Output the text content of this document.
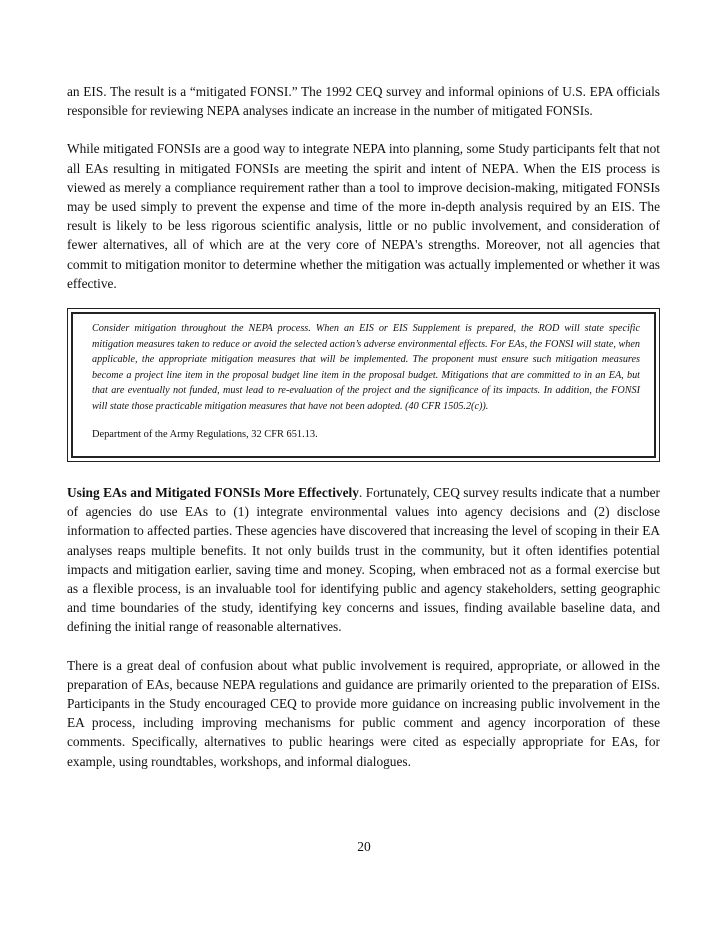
an EIS. The result is a “mitigated FONSI.” The 1992 CEQ survey and informal opinions of U.S. EPA officials responsible for reviewing NEPA analyses indicate an increase in the number of mitigated FONSIs.

While mitigated FONSIs are a good way to integrate NEPA into planning, some Study participants felt that not all EAs resulting in mitigated FONSIs are meeting the spirit and intent of NEPA. When the EIS process is viewed as merely a compliance requirement rather than a tool to improve decision-making, mitigated FONSIs may be used simply to prevent the expense and time of the more in-depth analysis required by an EIS. The result is likely to be less rigorous scientific analysis, little or no public involvement, and consideration of fewer alternatives, all of which are at the very core of NEPA's strengths. Moreover, not all agencies that commit to mitigation monitor to determine whether the mitigation was actually implemented or whether it was effective.

Consider mitigation throughout the NEPA process. When an EIS or EIS Supplement is prepared, the ROD will state specific mitigation measures taken to reduce or avoid the selected action’s adverse environmental effects. For EAs, the FONSI will state, when applicable, the appropriate mitigation measures that will be implemented. The proponent must ensure such mitigation measures become a project line item in the proposal budget line item in the proposal budget. Mitigations that are committed to in an EA, but that are eventually not funded, must lead to re-evaluation of the project and the significance of its impacts. In addition, the FONSI will state those practicable mitigation measures that have not been adopted. (40 CFR 1505.2(c)).

Department of the Army Regulations, 32 CFR 651.13.

Using EAs and Mitigated FONSIs More Effectively. Fortunately, CEQ survey results indicate that a number of agencies do use EAs to (1) integrate environmental values into agency decisions and (2) disclose information to affected parties. These agencies have discovered that increasing the level of scoping in their EA analyses reaps multiple benefits. It not only builds trust in the community, but it often identifies potential impacts and mitigation earlier, saving time and money. Scoping, when embraced not as a formal exercise but as a flexible process, is an invaluable tool for identifying public and agency stakeholders, setting geographic and time boundaries of the study, identifying key concerns and issues, finding available baseline data, and defining the initial range of reasonable alternatives.

There is a great deal of confusion about what public involvement is required, appropriate, or allowed in the preparation of EAs, because NEPA regulations and guidance are primarily oriented to the preparation of EISs. Participants in the Study encouraged CEQ to provide more guidance on increasing public involvement in the EA process, including improving mechanisms for public comment and agency incorporation of these comments. Specifically, alternatives to public hearings were cited as especially appropriate for EAs, for example, using roundtables, workshops, and informal dialogues.

20
